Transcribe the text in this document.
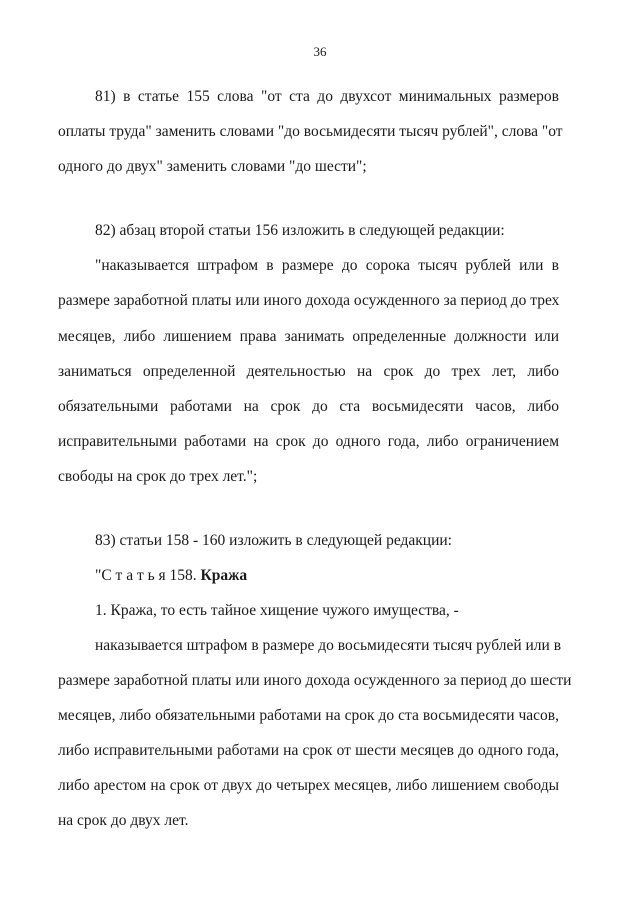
36
81) в статье 155 слова "от ста до двухсот минимальных размеров
оплаты труда" заменить словами "до восьмидесяти тысяч рублей", слова "от
одного до двух" заменить словами "до шести";
82) абзац второй статьи 156 изложить в следующей редакции:
"наказывается штрафом в размере до сорока тысяч рублей или в
размере заработной платы или иного дохода осужденного за период до трех
месяцев, либо лишением права занимать определенные должности или
заниматься определенной деятельностью на срок до трех лет, либо
обязательными работами на срок до ста восьмидесяти часов, либо
исправительными работами на срок до одного года, либо ограничением
свободы на срок до трех лет.";
83) статьи 158 - 160 изложить в следующей редакции:
"С т а т ь я 158. Кража
1. Кража, то есть тайное хищение чужого имущества, -
наказывается штрафом в размере до восьмидесяти тысяч рублей или в
размере заработной платы или иного дохода осужденного за период до шести
месяцев, либо обязательными работами на срок до ста восьмидесяти часов,
либо исправительными работами на срок от шести месяцев до одного года,
либо арестом на срок от двух до четырех месяцев, либо лишением свободы
на срок до двух лет.
